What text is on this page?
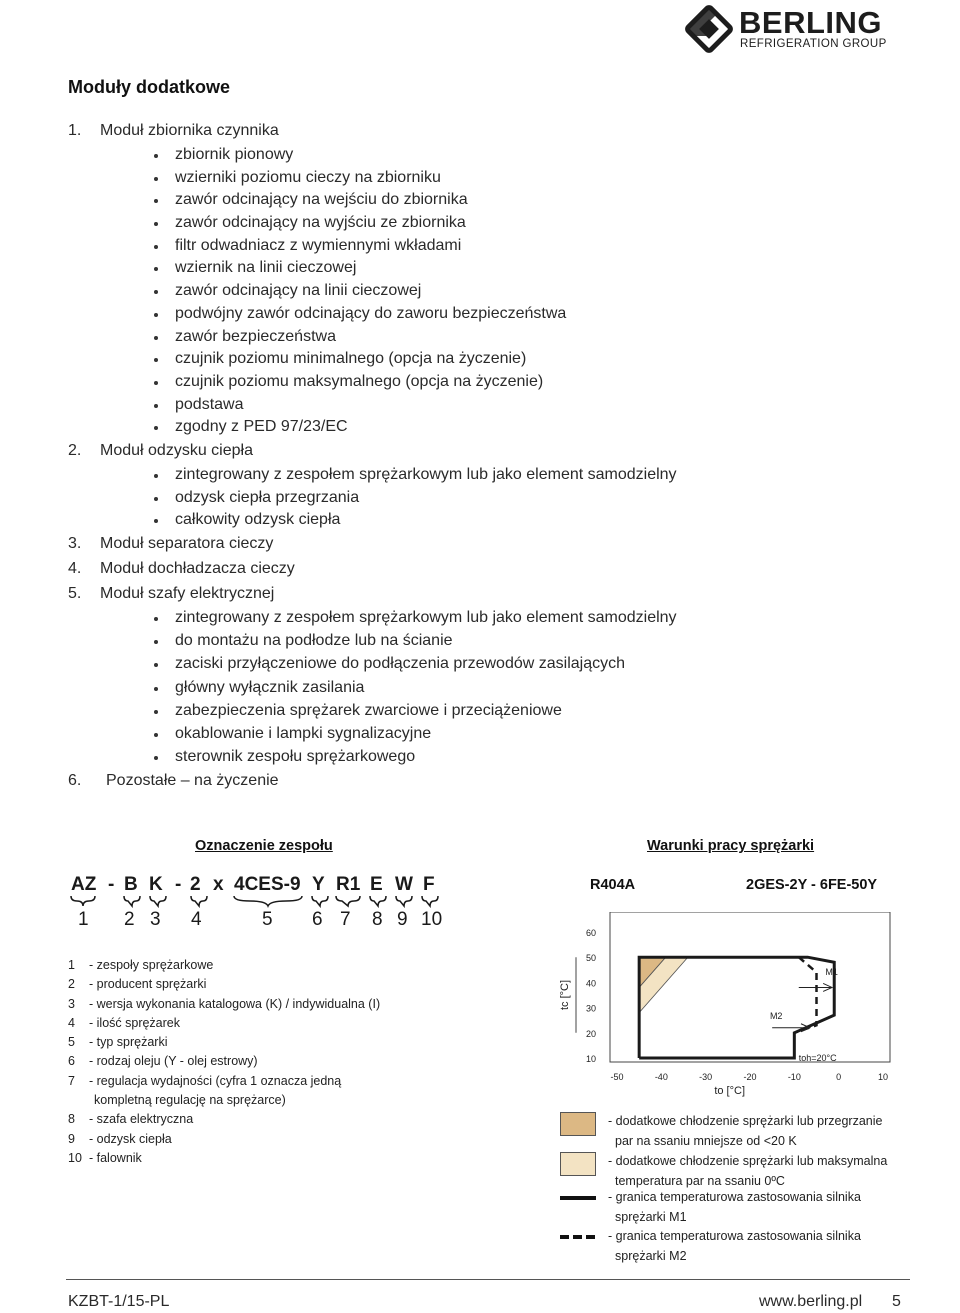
BERLING
REFRIGERATION GROUP
Moduły dodatkowe
1. Moduł zbiornika czynnika
zbiornik pionowy
wzierniki poziomu cieczy na zbiorniku
zawór odcinający na wejściu do zbiornika
zawór odcinający na wyjściu ze zbiornika
filtr odwadniacz z wymiennymi wkładami
wziernik na linii cieczowej
zawór odcinający na linii cieczowej
podwójny zawór odcinający do zaworu bezpieczeństwa
zawór bezpieczeństwa
czujnik poziomu minimalnego (opcja na życzenie)
czujnik poziomu maksymalnego (opcja na życzenie)
podstawa
zgodny z PED 97/23/EC
2. Moduł odzysku ciepła
zintegrowany z zespołem sprężarkowym lub jako element samodzielny
odzysk ciepła przegrzania
całkowity odzysk ciepła
3. Moduł separatora cieczy
4. Moduł dochładzacza cieczy
5. Moduł szafy elektrycznej
zintegrowany z zespołem sprężarkowym lub jako element samodzielny
do montażu na podłodze lub na ścianie
zaciski przyłączeniowe do podłączenia przewodów zasilających
główny wyłącznik zasilania
zabezpieczenia sprężarek zwarciowe i przeciążeniowe
okablowanie i lampki sygnalizacyjne
sterownik zespołu sprężarkowego
6. Pozostałe – na życzenie
Oznaczenie zespołu
AZ - B K - 2 x 4CES-9 Y R1 E W F
1 2 3 4	5 6 7 8 9 10
1 - zespoły sprężarkowe
2 - producent sprężarki
3 - wersja wykonania katalogowa (K) / indywidualna (I)
4 - ilość sprężarek
5 - typ sprężarki
6 - rodzaj oleju (Y - olej estrowy)
7 - regulacja wydajności (cyfra 1 oznacza jedną
kompletną regulację na sprężarce)
8 - szafa elektryczna
9 - odzysk ciepła
10 - falownik
Warunki pracy sprężarki
R404A	2GES-2Y - 6FE-50Y
10
20
30
40
50
60
-50	-40	-30	-20	-10	0	10
to [°C]
tc [°C]
M1
M2
toh=20°C
- dodatkowe chłodzenie sprężarki lub przegrzanie
par na ssaniu mniejsze od <20 K
- dodatkowe chłodzenie sprężarki lub maksymalna
temperatura par na ssaniu 0ºC
- granica temperaturowa zastosowania silnika
sprężarki M1
- granica temperaturowa zastosowania silnika
sprężarki M2
KZBT-1/15-PL	www.berling.pl 5
